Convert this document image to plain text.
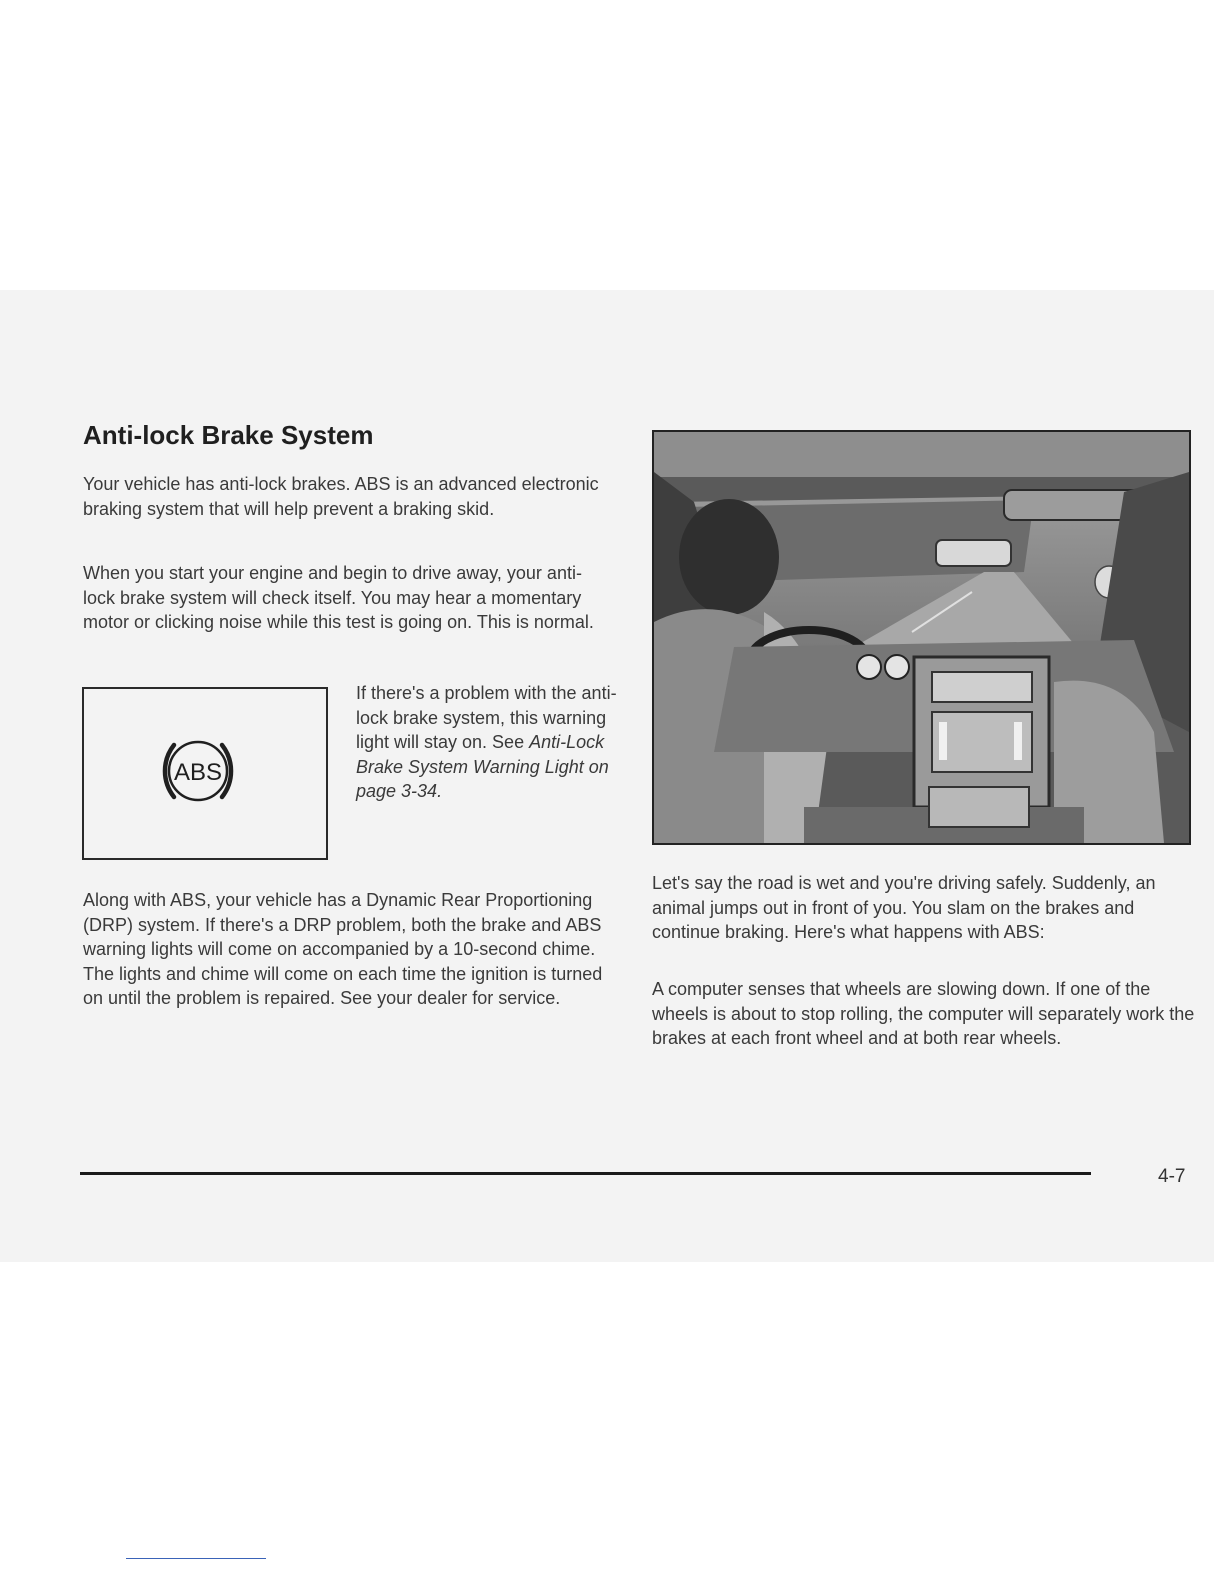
Anti-lock Brake System

Your vehicle has anti-lock brakes. ABS is an advanced electronic braking system that will help prevent a braking skid.

When you start your engine and begin to drive away, your anti-lock brake system will check itself. You may hear a momentary motor or clicking noise while this test is going on. This is normal.

ABS

If there's a problem with the anti-lock brake system, this warning light will stay on. See Anti-Lock Brake System Warning Light on page 3-34.

Along with ABS, your vehicle has a Dynamic Rear Proportioning (DRP) system. If there's a DRP problem, both the brake and ABS warning lights will come on accompanied by a 10-second chime. The lights and chime will come on each time the ignition is turned on until the problem is repaired. See your dealer for service.

Let's say the road is wet and you're driving safely. Suddenly, an animal jumps out in front of you. You slam on the brakes and continue braking. Here's what happens with ABS:

A computer senses that wheels are slowing down. If one of the wheels is about to stop rolling, the computer will separately work the brakes at each front wheel and at both rear wheels.

4-7
